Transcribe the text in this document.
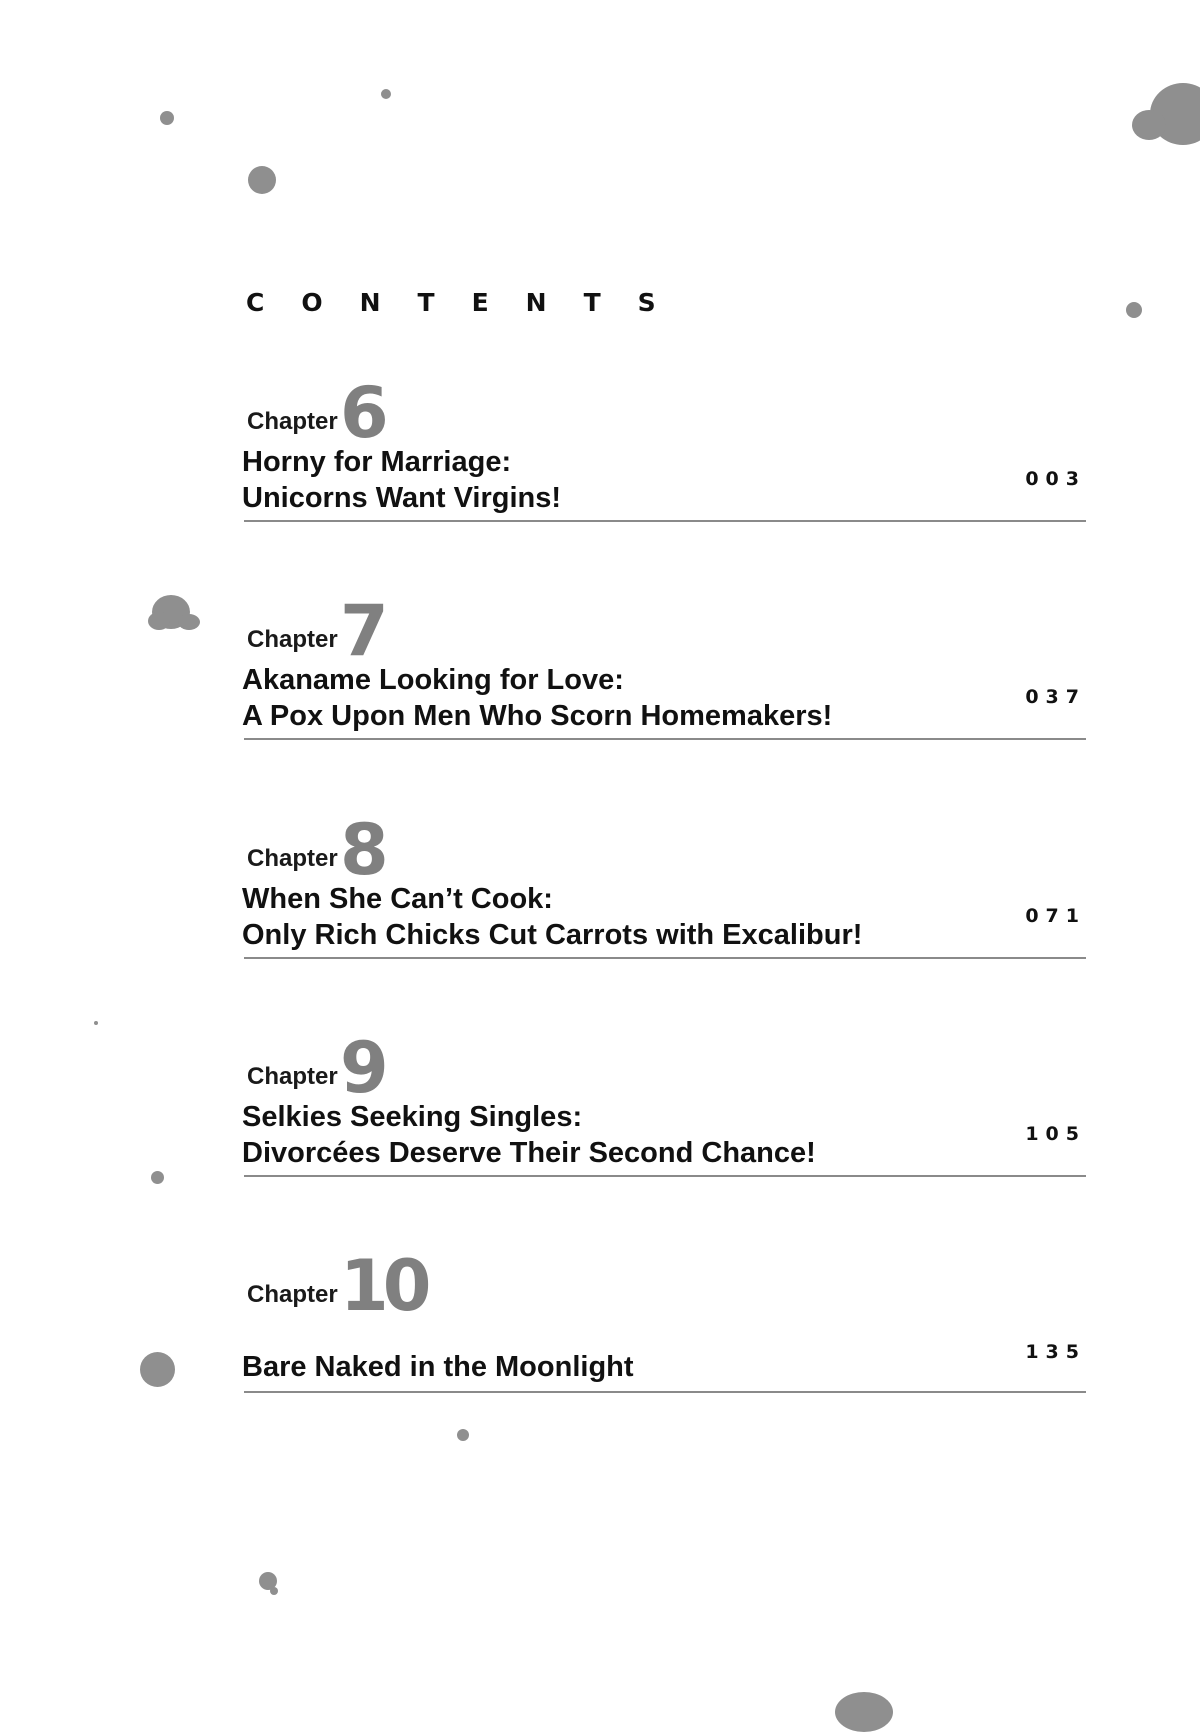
CONTENTS
Chapter 6
Horny for Marriage:
Unicorns Want Virgins!
003
Chapter 7
Akaname Looking for Love:
A Pox Upon Men Who Scorn Homemakers!
037
Chapter 8
When She Can’t Cook:
Only Rich Chicks Cut Carrots with Excalibur!
071
Chapter 9
Selkies Seeking Singles:
Divorcées Deserve Their Second Chance!
105
Chapter 10
Bare Naked in the Moonlight	135
